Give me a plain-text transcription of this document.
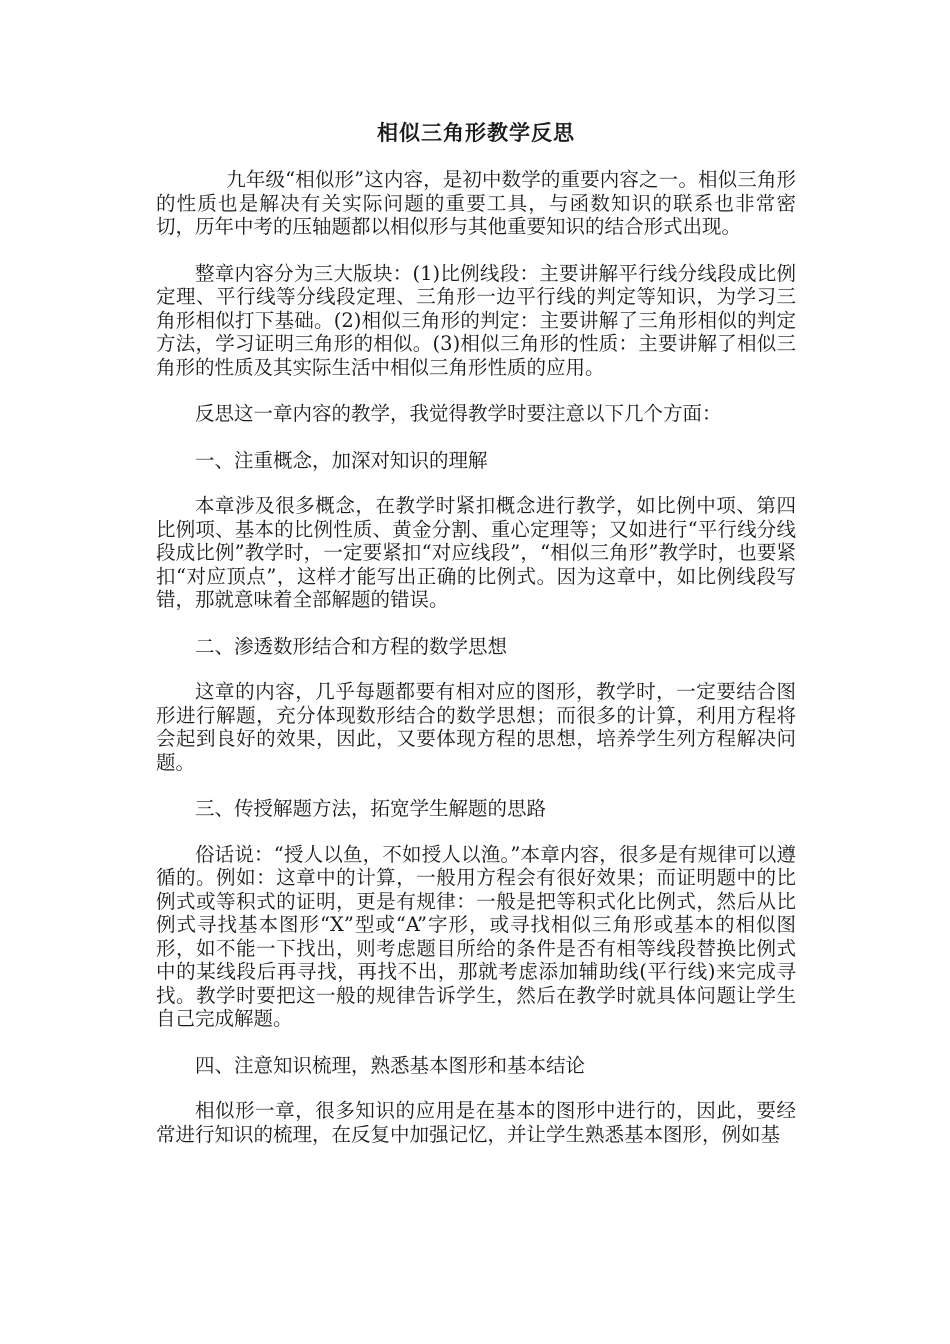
相似三角形教学反思

九年级“相似形”这内容，是初中数学的重要内容之一。相似三角形的性质也是解决有关实际问题的重要工具，与函数知识的联系也非常密切，历年中考的压轴题都以相似形与其他重要知识的结合形式出现。

整章内容分为三大版块：(1)比例线段：主要讲解平行线分线段成比例定理、平行线等分线段定理、三角形一边平行线的判定等知识，为学习三角形相似打下基础。(2)相似三角形的判定：主要讲解了三角形相似的判定方法，学习证明三角形的相似。(3)相似三角形的性质：主要讲解了相似三角形的性质及其实际生活中相似三角形性质的应用。

反思这一章内容的教学，我觉得教学时要注意以下几个方面：

一、注重概念，加深对知识的理解

本章涉及很多概念，在教学时紧扣概念进行教学，如比例中项、第四比例项、基本的比例性质、黄金分割、重心定理等；又如进行“平行线分线段成比例”教学时，一定要紧扣“对应线段”，“相似三角形”教学时，也要紧扣“对应顶点”，这样才能写出正确的比例式。因为这章中，如比例线段写错，那就意味着全部解题的错误。

二、渗透数形结合和方程的数学思想

这章的内容，几乎每题都要有相对应的图形，教学时，一定要结合图形进行解题，充分体现数形结合的数学思想；而很多的计算，利用方程将会起到良好的效果，因此，又要体现方程的思想，培养学生列方程解决问题。

三、传授解题方法，拓宽学生解题的思路

俗话说：“授人以鱼，不如授人以渔。”本章内容，很多是有规律可以遵循的。例如：这章中的计算，一般用方程会有很好效果；而证明题中的比例式或等积式的证明，更是有规律：一般是把等积式化比例式，然后从比例式寻找基本图形“X”型或“A”字形，或寻找相似三角形或基本的相似图形，如不能一下找出，则考虑题目所给的条件是否有相等线段替换比例式中的某线段后再寻找，再找不出，那就考虑添加辅助线(平行线)来完成寻找。教学时要把这一般的规律告诉学生，然后在教学时就具体问题让学生自己完成解题。

四、注意知识梳理，熟悉基本图形和基本结论

相似形一章，很多知识的应用是在基本的图形中进行的，因此，要经常进行知识的梳理，在反复中加强记忆，并让学生熟悉基本图形，例如基
